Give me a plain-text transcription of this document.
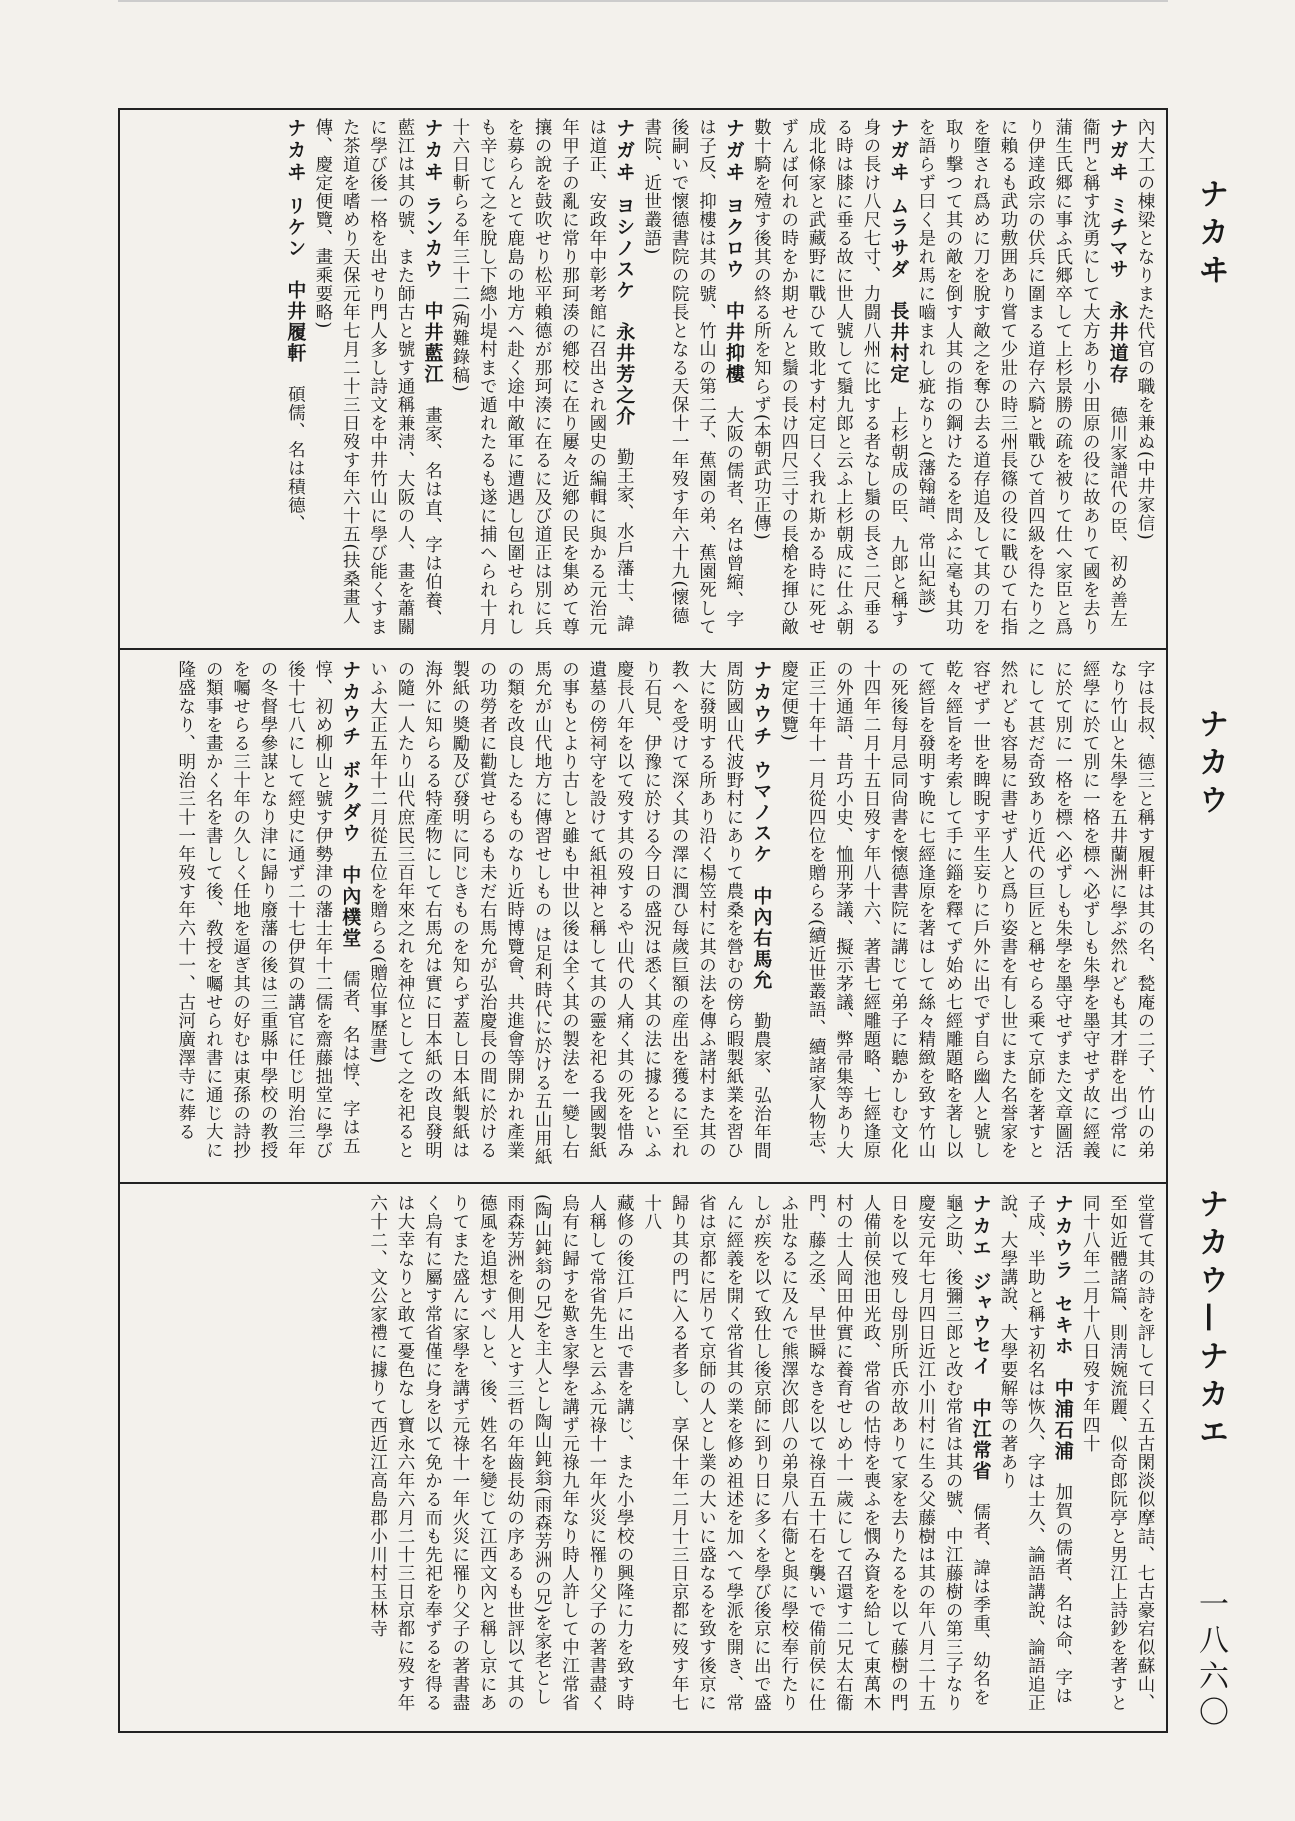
內大工の棟梁となりまた代官の職を兼ぬ(中井家信)
ナガヰミチマサ　永井道存德川家譜代の臣、初め善左衞門と稱す沈勇にして大方あり小田原の役に故ありて國を去り蒲生氏郷に事ふ氏郷卒して上杉景勝の疏を被りて仕へ家臣と爲り伊達政宗の伏兵に圍まる道存六騎と戰ひて首四級を得たり之に賴るも武功敷囲あり嘗て少壯の時三州長篠の役に戰ひて右指を墮され爲めに刀を脫す敵之を奪ひ去る道存追及して其の刀を取り撃つて其の敵を倒す人其の指の鋼けたるを問ふに毫も其功を語らず曰く是れ馬に嚙まれし疵なりと(藩翰譜、常山紀談)
ナガヰムラサダ　長井村定上杉朝成の臣、九郎と稱す身の長け八尺七寸、力闘八州に比する者なし鬚の長さ二尺垂るる時は膝に垂る故に世人號して鬚九郎と云ふ上杉朝成に仕ふ朝成北條家と武藏野に戰ひて敗北す村定曰く我れ斯かる時に死せずんば何れの時をか期せんと鬚の長け四尺三寸の長槍を揮ひ敵數十騎を殪す後其の終る所を知らず(本朝武功正傳)
ナガヰヨクロウ　中井抑樓大阪の儒者、名は曾縮、字は子反、抑樓は其の號、竹山の第二子、蕉園の弟、蕉園死して後嗣いで懷德書院の院長となる天保十一年歿す年六十九(懷德書院、近世叢語)
ナガヰヨシノスケ　永井芳之介勤王家、水戶藩士、諱は道正、安政年中彰考館に召出され國史の編輯に與かる元治元年甲子の亂に常り那珂湊の鄕校に在り屢々近鄕の民を集めて尊攘の說を鼓吹せり松平賴德が那珂湊に在るに及び道正は別に兵を募らんとて鹿島の地方へ赴く途中敵軍に遭遇し包圍せられしも辛じて之を脫し下總小堤村まで遁れたるも遂に捕へられ十月十六日斬らる年三十二(殉難錄稿)
ナカヰランカウ　中井藍江畫家、名は直、字は伯養、藍江は其の號、また師古と號す通稱兼淸、大阪の人、畫を蕭關に學び後一格を出せり門人多し詩文を中井竹山に學び能くすまた茶道を嗜めり天保元年七月二十三日歿す年六十五(扶桑畫人傳、慶定便覽、畫乘要略)
ナカヰリケン　中井履軒碩儒、名は積德、
字は長叔、德三と稱す履軒は其の名、甃庵の二子、竹山の弟なり竹山と朱學を五井蘭洲に學ぶ然れども其才群を出づ常に經學に於て別に一格を標へ必ずしも朱學を墨守せず故に經義に於て別に一格を標へ必ずしも朱學を墨守せずまた文章圖活にして甚だ奇致あり近代の巨匠と稱せらる乘て京師を著すと然れども容易に書せず人と爲り姿書を有し世にまた名誉家を容ぜず一世を睥睨す平生妄りに戶外に出でず自ら幽人と號し乾々經旨を考索して手に錙を釋てず始め七經雕題略を著し以て經旨を發明す晩に七經逢原を著はして絲々精緻を致す竹山の死後每月忌同尙書を懷德書院に講じて弟子に聽かしむ文化十四年二月十五日歿す年八十六、著書七經雕題略、七經逢原の外通語、昔巧小史、恤刑茅議、擬示茅議、弊帚集等あり大正三十年十一月從四位を贈らる(續近世叢語、續諸家人物志、慶定便覽)
ナカウチウマノスケ　中內右馬允勤農家、弘治年間周防國山代波野村にありて農桑を營むの傍ら暇製紙業を習ひ大に發明する所あり沿く楊笠村に其の法を傳ふ諸村また其の教へを受けて深く其の澤に潤ひ每歲巨額の産出を獲るに至れり石見、伊豫に於ける今日の盛況は悉く其の法に據るといふ慶長八年を以て歿す其の歿するや山代の人痛く其の死を惜み遺墓の傍祠守を設けて紙祖神と稱して其の靈を祀る我國製紙の事もとより古しと雖も中世以後は全く其の製法を一變し右馬允が山代地方に傳習せしもの は足利時代に於ける五山用紙の類を改良したるものなり近時博覽會、共進會等開かれ產業の功勞者に勸賞せらるも未だ右馬允が弘治慶長の間に於ける製紙の奬勵及び發明に同じきものを知らず蓋し日本紙製紙は海外に知らるる特產物にして右馬允は實に日本紙の改良發明の隨一人たり山代庶民三百年來之れを神位として之を祀るといふ大正五年十二月從五位を贈らる(贈位事歷書)
ナカウチボクダウ　中內樸堂儒者、名は惇、字は五惇、初め柳山と號す伊勢津の藩士年十二儒を齋藤拙堂に學び後十七八にして經史に通ず二十七伊賀の講官に任じ明治三年の冬督學參謀となり津に歸り廢藩の後は三重縣中學校の教授を囑せらる三十年の久しく任地を逼ぎ其の好むは東孫の詩抄の類事を畫かく名を書して後、敎授を囑せられ書に通じ大に隆盛なり、明治三十一年歿す年六十一、古河廣澤寺に葬る
堂嘗て其の詩を評して曰く五古閑淡似摩詰、七古豪宕似蘇山、至如近體諸篇、則淸婉流麗、似奇郎阮亭と男江上詩鈔を著すと同十八年二月十八日歿す年四十
ナカウラセキホ　中浦石浦加賀の儒者、名は命、字は子成、半助と稱す初名は恢久、字は士久、論語講說、論語追正說、大學講說、大學要解等の著あり
ナカエジャウセイ　中江常省儒者、諱は季重、幼名を龜之助、後彌三郎と改む常省は其の號、中江藤樹の第三子なり慶安元年七月四日近江小川村に生る父藤樹は其の年八月二十五日を以て歿し母別所氏亦故ありて家を去りたるを以て藤樹の門人備前侯池田光政、常省の怙恃を喪ふを憫み資を給して東萬木村の士人岡田仲實に養育せしめ十一歲にして召還す二兄太右衞門、藤之丞、早世瞬なきを以て祿百五十石を襲いで備前侯に仕ふ壯なるに及んで熊澤次郎八の弟泉八右衞と與に學校奉行たりしが疾を以て致仕し後京師に到り日に多くを學び後京に出で盛んに經義を開く常省其の業を修め祖述を加へて學派を開き、常省は京都に居りて京師の人とし業の大いに盛なるを致す後京に歸り其の門に入る者多し、享保十年二月十三日京都に歿す年七十八
藏修の後江戶に出で書を講じ、また小學校の興隆に力を致す時人稱して常省先生と云ふ元祿十一年火災に罹り父子の著書盡く烏有に歸すを歎き家學を講ず元祿九年なり時人許して中江常省(陶山鈍翁の兄)を主人とし陶山鈍翁(雨森芳洲の兄)を家老とし雨森芳洲を側用人とす三哲の年齒長幼の序あるも世評以て其の德風を追想すべしと、後、姓名を變じて江西文內と稱し京にありてまた盛んに家學を講ず元祿十一年火災に罹り父子の著書盡く烏有に屬す常省僅に身を以て免かる而も先祀を奉ずるを得るは大幸なりと敢て憂色なし寶永六年六月二十三日京都に歿す年六十二、文公家禮に據りて西近江高島郡小川村玉林寺
ナカヰ
ナカウ
ナカウ—ナカエ
一八六〇
